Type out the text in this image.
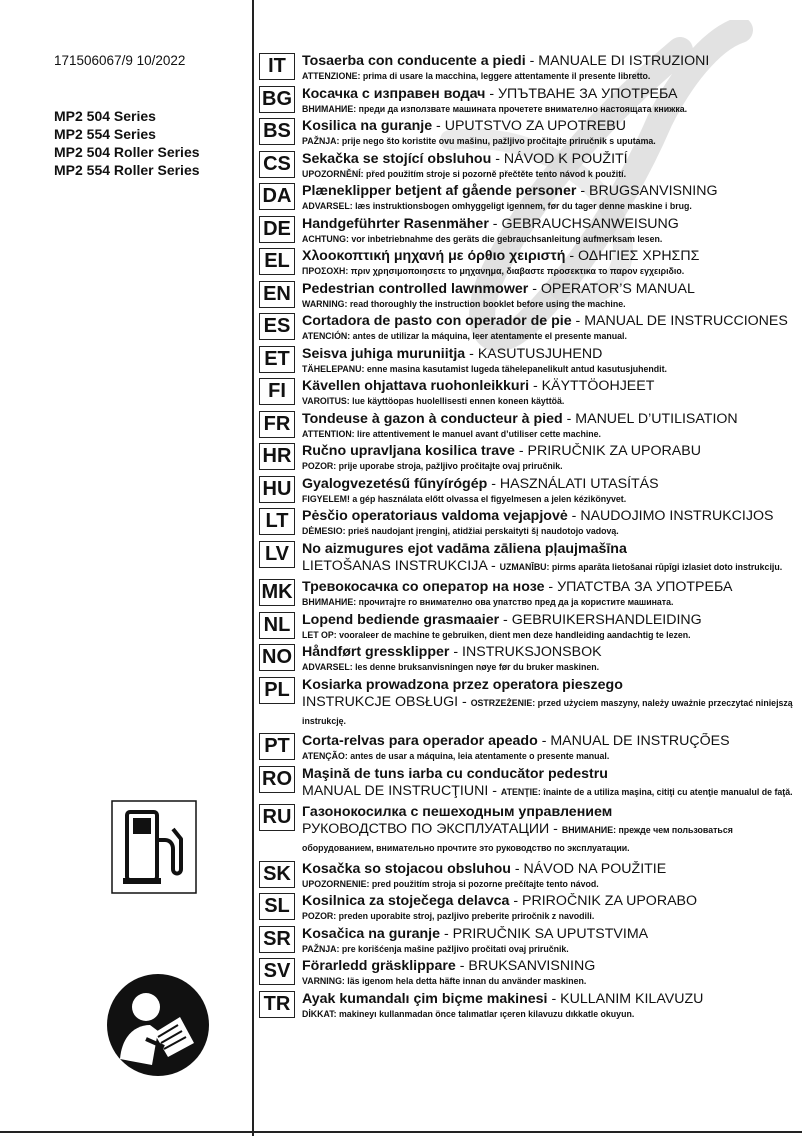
171506067/9 10/2022
MP2 504 Series
MP2 554 Series
MP2 504 Roller Series
MP2 554 Roller Series
IT	Tosaerba con conducente a piedi - MANUALE DI ISTRUZIONI
ATTENZIONE: prima di usare la macchina, leggere attentamente il presente libretto.
BG Косачка с изправен водач - УПЪТВАНЕ ЗА УПОТРЕБА
ВНИМАНИЕ: преди да използвате машината прочетете внимателно настоящата книжка.
BS Kosilica na guranje - UPUTSTVO ZA UPOTREBU
PAŽNJA: prije nego što koristite ovu mašinu, pažljivo pročitajte priručnik s uputama.
CS Sekačka se stojící obsluhou - NÁVOD K POUŽITÍ
UPOZORNĚNÍ: před použitím stroje si pozorně přečtěte tento návod k použití.
DA Plæneklipper betjent af gående personer - BRUGSANVISNING
ADVARSEL: læs instruktionsbogen omhyggeligt igennem, før du tager denne maskine i brug.
DE Handgeführter Rasenmäher - GEBRAUCHSANWEISUNG
ACHTUNG: vor inbetriebnahme des geräts die gebrauchsanleitung aufmerksam lesen.
EL Χλοοκοπτική μηχανή με όρθιο χειριστή - ΟΔΗΓΙΕΣ ΧΡΗΣΠΣ
ΠΡΟΣΟΧΗ: πριν χρησιμοποιησετε το μηχανημα, διαβαστε προσεκτικα το παρον εγχειριδιο.
EN Pedestrian controlled lawnmower - OPERATOR’S MANUAL
WARNING: read thoroughly the instruction booklet before using the machine.
ES Cortadora de pasto con operador de pie - MANUAL DE INSTRUCCIONES
ATENCIÓN: antes de utilizar la máquina, leer atentamente el presente manual.
ET Seisva juhiga muruniitja - KASUTUSJUHEND
TÄHELEPANU: enne masina kasutamist lugeda tähelepanelikult antud kasutusjuhendit.
FI	Kävellen ohjattava ruohonleikkuri - KÄYTTÖOHJEET
VAROITUS: lue käyttöopas huolellisesti ennen koneen käyttöä.
FR Tondeuse à gazon à conducteur à pied - MANUEL D’UTILISATION
ATTENTION: lire attentivement le manuel avant d’utiliser cette machine.
HR Ručno upravljana kosilica trave - PRIRUČNIK ZA UPORABU
POZOR: prije uporabe stroja, pažljivo pročitajte ovaj priručnik.
HU Gyalogvezetésű fűnyírógép - HASZNÁLATI UTASÍTÁS
FIGYELEM! a gép használata előtt olvassa el figyelmesen a jelen kézikönyvet.
LT Pėsčio operatoriaus valdoma vejapjovė - NAUDOJIMO INSTRUKCIJOS
DĖMESIO: prieš naudojant įrenginį, atidžiai perskaityti šį naudotojo vadovą.
LV No aizmugures ejot vadāma zāliena pļaujmašīna
LIETOŠANAS INSTRUKCIJA - UZMANĪBU: pirms aparāta lietošanai rūpīgi izlasiet doto instrukciju.
MK Тревокосачка со оператор на нозе - УПАТСТВА ЗА УПОТРЕБА
ВНИМАНИЕ: прочитајте го внимателно ова упатство пред да ја користите машината.
NL Lopend bediende grasmaaier - GEBRUIKERSHANDLEIDING
LET OP: vooraleer de machine te gebruiken, dient men deze handleiding aandachtig te lezen.
NO Håndført gressklipper - INSTRUKSJONSBOK
ADVARSEL: les denne bruksanvisningen nøye før du bruker maskinen.
PL Kosiarka prowadzona przez operatora pieszego
INSTRUKCJE OBSŁUGI - OSTRZEŻENIE: przed użyciem maszyny, należy uważnie przeczytać niniejszą instrukcję.
PT Corta-relvas para operador apeado - MANUAL DE INSTRUÇÕES
ATENÇÃO: antes de usar a máquina, leia atentamente o presente manual.
RO Maşină de tuns iarba cu conducător pedestru
MANUAL DE INSTRUCŢIUNI - ATENŢIE: înainte de a utiliza maşina, citiţi cu atenţie manualul de faţă.
RU Газонокосилка с пешеходным управлением
РУКОВОДСТВО ПО ЭКСПЛУАТАЦИИ - ВНИМАНИЕ: прежде чем пользоваться оборудованием, внимательно прочтите это руководство по эксплуатации.
SK Kosačka so stojacou obsluhou - NÁVOD NA POUŽITIE
UPOZORNENIE: pred použitím stroja si pozorne prečítajte tento návod.
SL Kosilnica za stoječega delavca - PRIROČNIK ZA UPORABO
POZOR: preden uporabite stroj, pazljivo preberite priročnik z navodili.
SR Kosačica na guranje - PRIRUČNIK SA UPUTSTVIMA
PAŽNJA: pre korišćenja mašine pažljivo pročitati ovaj priručnik.
SV Förarledd gräsklippare - BRUKSANVISNING
VARNING: läs igenom hela detta häfte innan du använder maskinen.
TR Ayak kumandalı çim biçme makinesi - KULLANIM KILAVUZU
DİKKAT: makineyı kullanmadan önce talımatlar ıçeren kilavuzu dıkkatle okuyun.
